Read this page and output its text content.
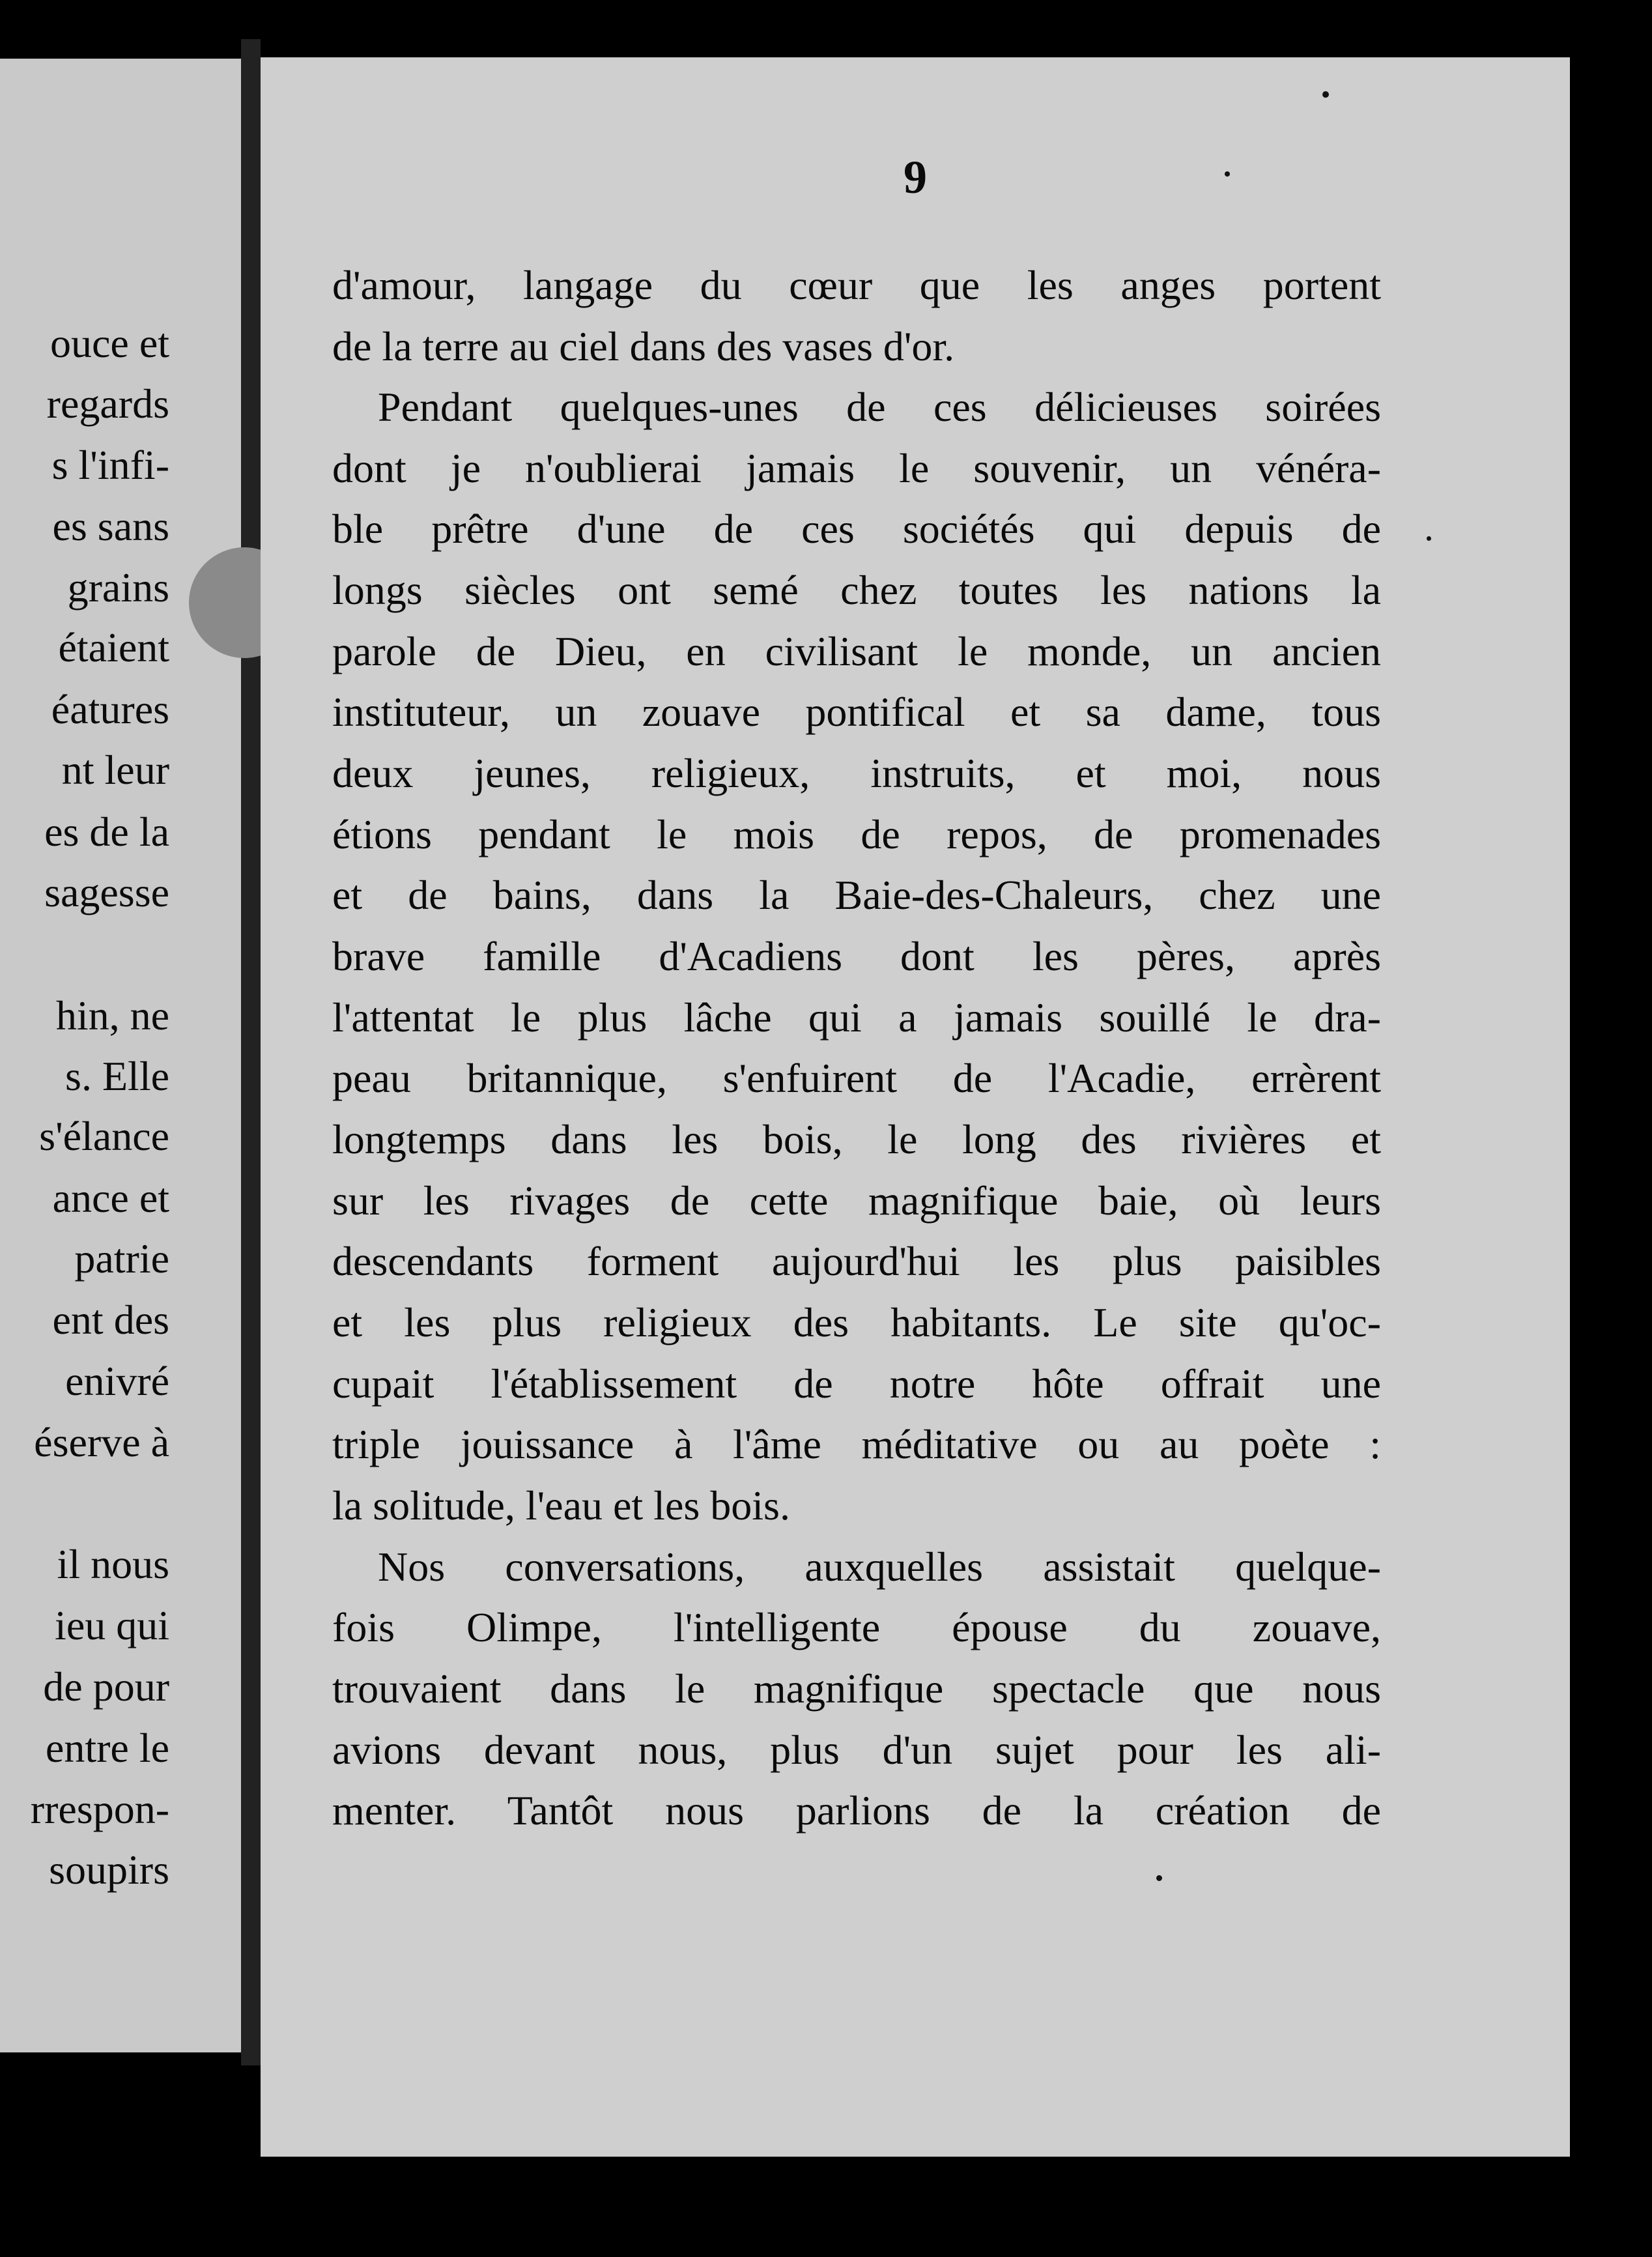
ouce et
regards
s l'infi-
es sans
grains
étaient
éatures
nt leur
es de la
sagesse
hin, ne
s. Elle
s'élance
ance et
patrie
ent des
enivré
éserve à
il nous
ieu qui
de pour
entre le
rrespon-
soupirs
9
d'amour, langage du cœur que les anges portent
de la terre au ciel dans des vases d'or.
Pendant quelques-unes de ces délicieuses soirées
dont je n'oublierai jamais le souvenir, un vénéra-
ble prêtre d'une de ces sociétés qui depuis de
longs siècles ont semé chez toutes les nations la
parole de Dieu, en civilisant le monde, un ancien
instituteur, un zouave pontifical et sa dame, tous
deux jeunes, religieux, instruits, et moi, nous
étions pendant le mois de repos, de promenades
et de bains, dans la Baie-des-Chaleurs, chez une
brave famille d'Acadiens dont les pères, après
l'attentat le plus lâche qui a jamais souillé le dra-
peau britannique, s'enfuirent de l'Acadie, errèrent
longtemps dans les bois, le long des rivières et
sur les rivages de cette magnifique baie, où leurs
descendants forment aujourd'hui les plus paisibles
et les plus religieux des habitants. Le site qu'oc-
cupait l'établissement de notre hôte offrait une
triple jouissance à l'âme méditative ou au poète :
la solitude, l'eau et les bois.
Nos conversations, auxquelles assistait quelque-
fois Olimpe, l'intelligente épouse du zouave,
trouvaient dans le magnifique spectacle que nous
avions devant nous, plus d'un sujet pour les ali-
menter. Tantôt nous parlions de la création de
